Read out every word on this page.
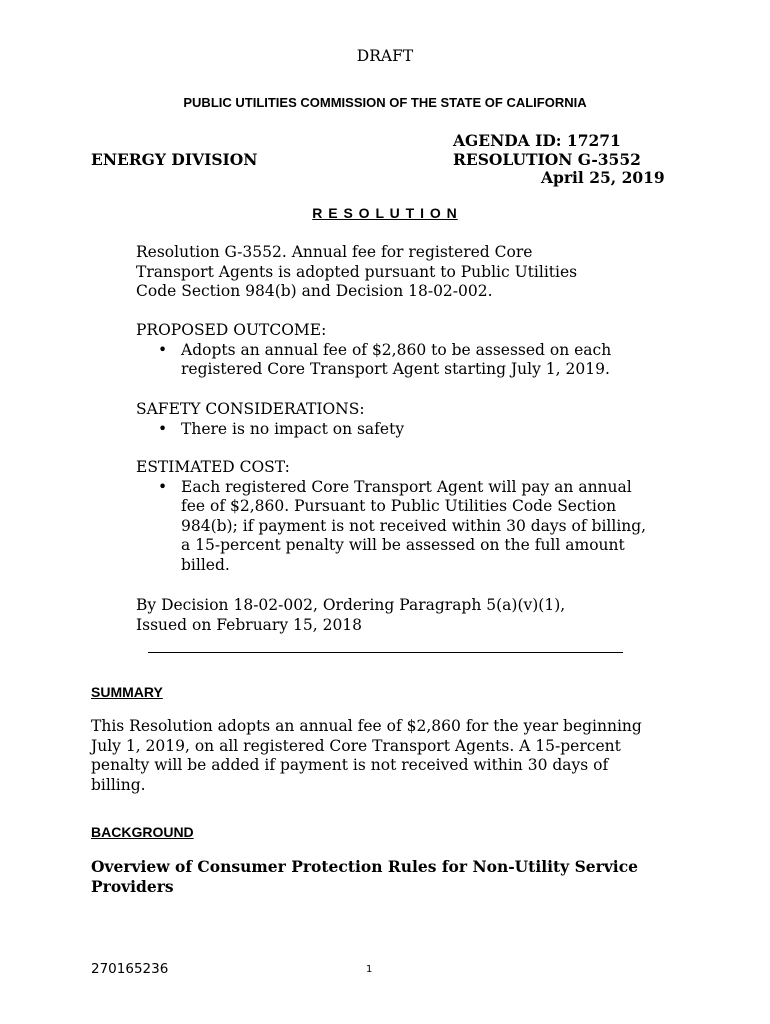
DRAFT
PUBLIC UTILITIES COMMISSION OF THE STATE OF CALIFORNIA
AGENDA ID: 17271
ENERGY DIVISION	RESOLUTION G-3552
April 25, 2019
R E S O L U T I O N

Resolution G-3552. Annual fee for registered Core

Transport Agents is adopted pursuant to Public Utilities

Code Section 984(b) and Decision 18-02-002.

PROPOSED OUTCOME:

• Adopts an annual fee of $2,860 to be assessed on each
registered Core Transport Agent starting July 1, 2019.

SAFETY CONSIDERATIONS:

• There is no impact on safety

ESTIMATED COST:

• Each registered Core Transport Agent will pay an annual
fee of $2,860. Pursuant to Public Utilities Code Section
984(b); if payment is not received within 30 days of billing,
a 15-percent penalty will be assessed on the full amount
billed.

By Decision 18-02-002, Ordering Paragraph 5(a)(v)(1),

Issued on February 15, 2018

SUMMARY
This Resolution adopts an annual fee of $2,860 for the year beginning
July 1, 2019, on all registered Core Transport Agents. A 15-percent
penalty will be added if payment is not received within 30 days of
billing.
BACKGROUND
Overview of Consumer Protection Rules for Non-Utility Service
Providers
270165236	1
